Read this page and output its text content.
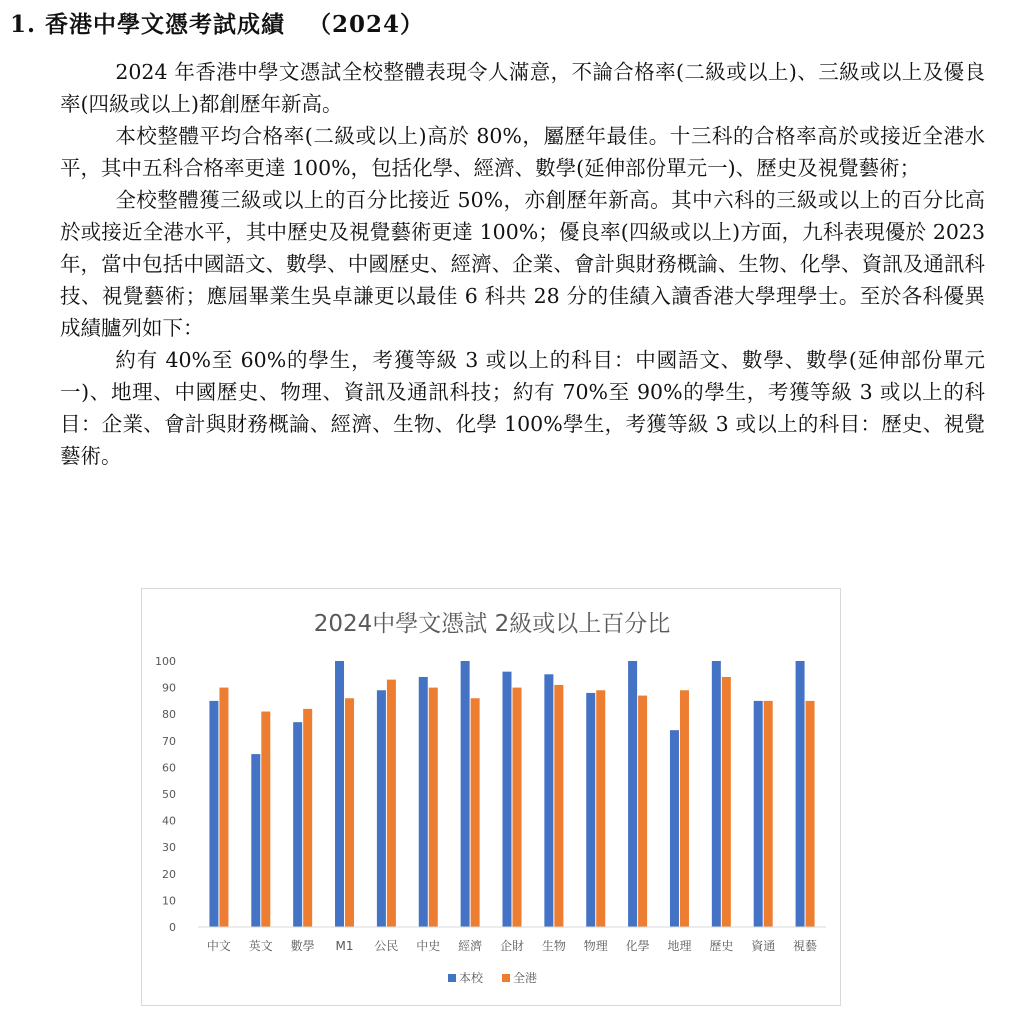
1. 香港中學文憑考試成績 （2024）

2024 年香港中學文憑試全校整體表現令人滿意，不論合格率(二級或以上)、三級或以上及優良率(四級或以上)都創歷年新高。

本校整體平均合格率(二級或以上)高於 80%，屬歷年最佳。十三科的合格率高於或接近全港水平，其中五科合格率更達 100%，包括化學、經濟、數學(延伸部份單元一)、歷史及視覺藝術；

全校整體獲三級或以上的百分比接近 50%，亦創歷年新高。其中六科的三級或以上的百分比高於或接近全港水平，其中歷史及視覺藝術更達 100%；優良率(四級或以上)方面，九科表現優於 2023 年，當中包括中國語文、數學、中國歷史、經濟、企業、會計與財務概論、生物、化學、資訊及通訊科技、視覺藝術；應屆畢業生吳卓謙更以最佳 6 科共 28 分的佳績入讀香港大學理學士。至於各科優異成績臚列如下：

約有 40%至 60%的學生，考獲等級 3 或以上的科目：中國語文、數學、數學(延伸部份單元一)、地理、中國歷史、物理、資訊及通訊科技；約有 70%至 90%的學生，考獲等級 3 或以上的科目：企業、會計與財務概論、經濟、生物、化學 100%學生，考獲等級 3 或以上的科目：歷史、視覺藝術。

2024中學文憑試 2級或以上百分比
0
10
20
30
40
50
60
70
80
90
100
中文 英文 數學 M1 公民 中史 經濟 企財 生物 物理 化學 地理 歷史 資通 視藝
本校 全港
